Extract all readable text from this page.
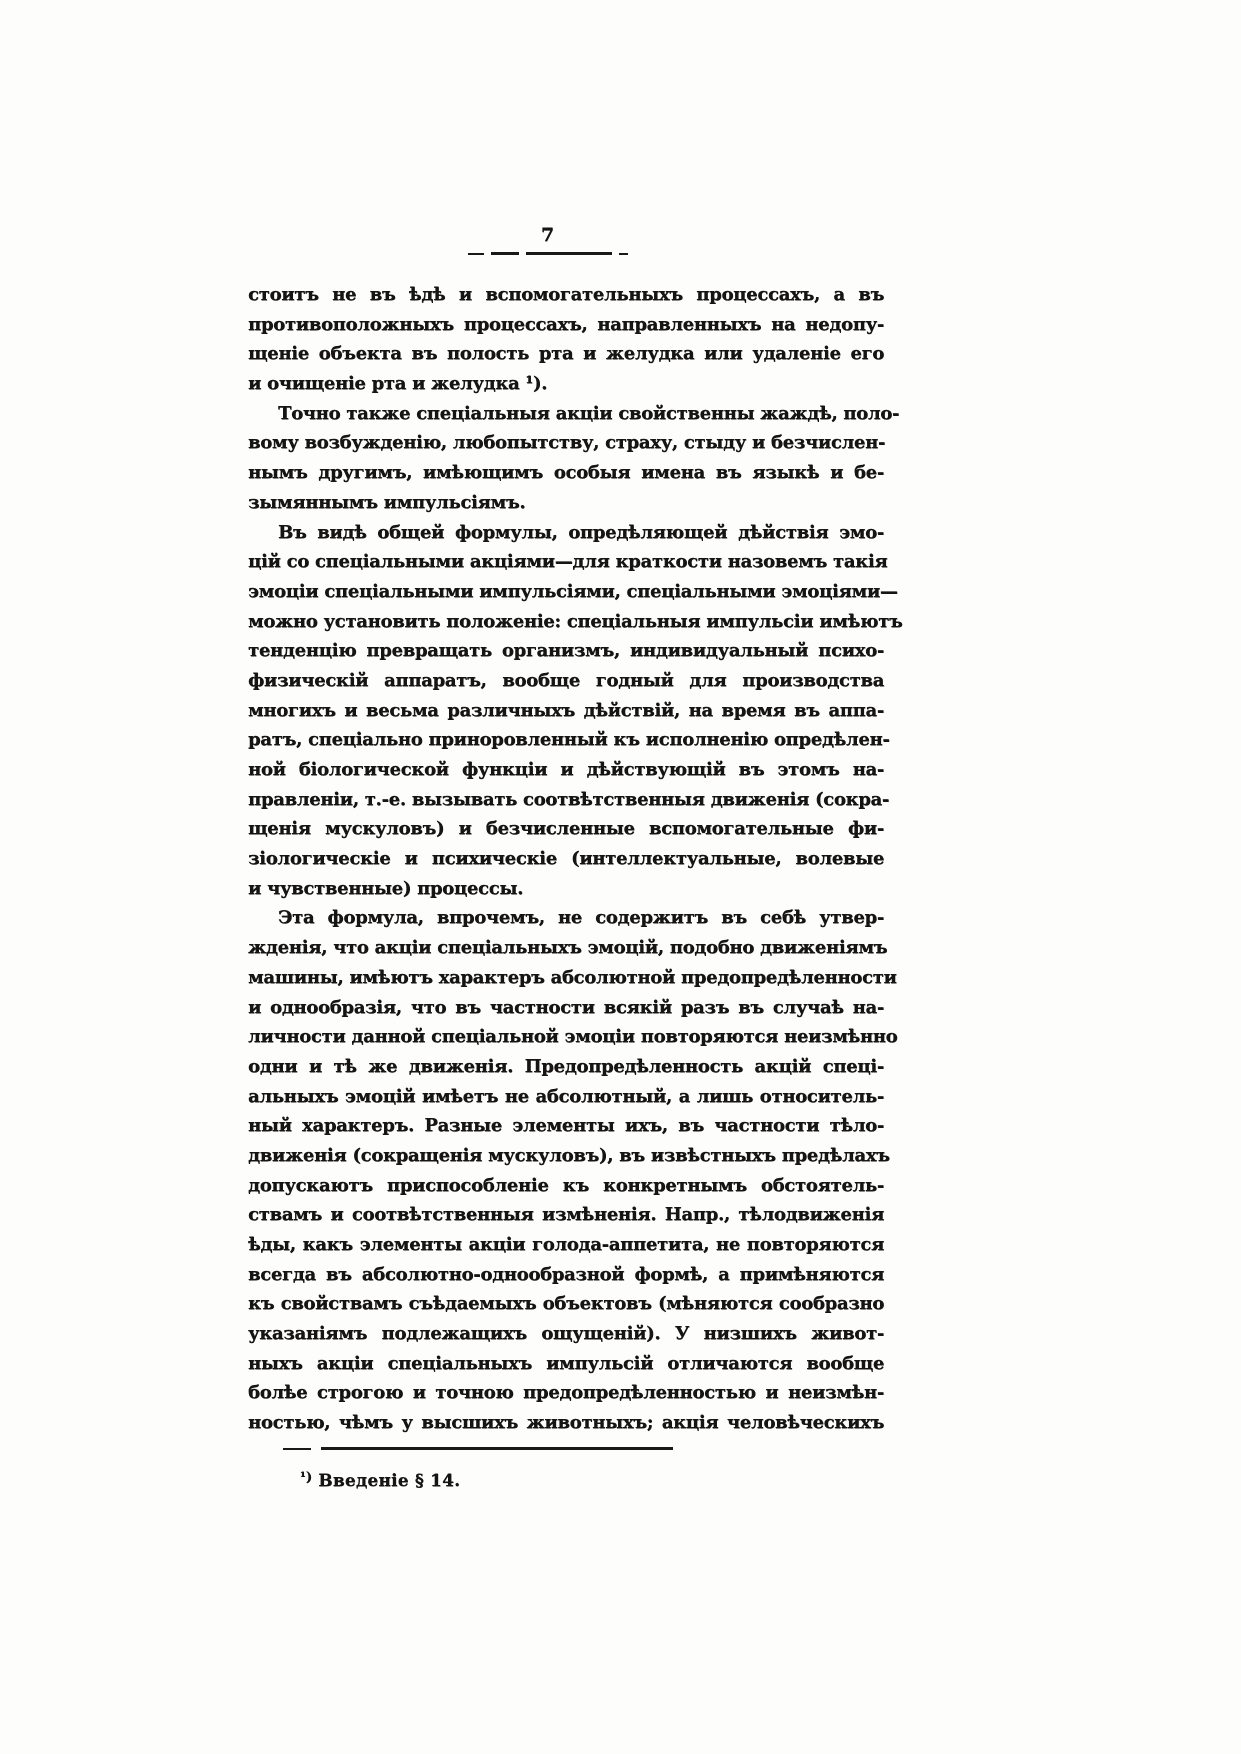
7
стоитъ не въ ѣдѣ и вспомогательныхъ процессахъ, а въ
противоположныхъ процессахъ, направленныхъ на недопу-
щеніе объекта въ полость рта и желудка или удаленіе его
и очищеніе рта и желудка ¹).
Точно также спеціальныя акціи свойственны жаждѣ, поло-
вому возбужденію, любопытству, страху, стыду и безчислен-
нымъ другимъ, имѣющимъ особыя имена въ языкѣ и бе-
зымяннымъ импульсіямъ.
Въ видѣ общей формулы, опредѣляющей дѣйствія эмо-
цій со спеціальными акціями—для краткости назовемъ такія
эмоціи спеціальными импульсіями, спеціальными эмоціями—
можно установить положеніе: спеціальныя импульсіи имѣютъ
тенденцію превращать организмъ, индивидуальный психо-
физическій аппаратъ, вообще годный для производства
многихъ и весьма различныхъ дѣйствій, на время въ аппа-
ратъ, спеціально приноровленный къ исполненію опредѣлен-
ной біологической функціи и дѣйствующій въ этомъ на-
правленіи, т.-е. вызывать соотвѣтственныя движенія (сокра-
щенія мускуловъ) и безчисленные вспомогательные фи-
зіологическіе и психическіе (интеллектуальные, волевые
и чувственные) процессы.
Эта формула, впрочемъ, не содержитъ въ себѣ утвер-
жденія, что акціи спеціальныхъ эмоцій, подобно движеніямъ
машины, имѣютъ характеръ абсолютной предопредѣленности
и однообразія, что въ частности всякій разъ въ случаѣ на-
личности данной спеціальной эмоціи повторяются неизмѣнно
одни и тѣ же движенія. Предопредѣленность акцій спеці-
альныхъ эмоцій имѣетъ не абсолютный, а лишь относитель-
ный характеръ. Разные элементы ихъ, въ частности тѣло-
движенія (сокращенія мускуловъ), въ извѣстныхъ предѣлахъ
допускаютъ приспособленіе къ конкретнымъ обстоятель-
ствамъ и соотвѣтственныя измѣненія. Напр., тѣлодвиженія
ѣды, какъ элементы акціи голода-аппетита, не повторяются
всегда въ абсолютно-однообразной формѣ, а примѣняются
къ свойствамъ съѣдаемыхъ объектовъ (мѣняются сообразно
указаніямъ подлежащихъ ощущеній). У низшихъ живот-
ныхъ акціи спеціальныхъ импульсій отличаются вообще
болѣе строгою и точною предопредѣленностью и неизмѣн-
ностью, чѣмъ у высшихъ животныхъ; акція человѣческихъ
$^{^1)}$ Введеніе § 14.
